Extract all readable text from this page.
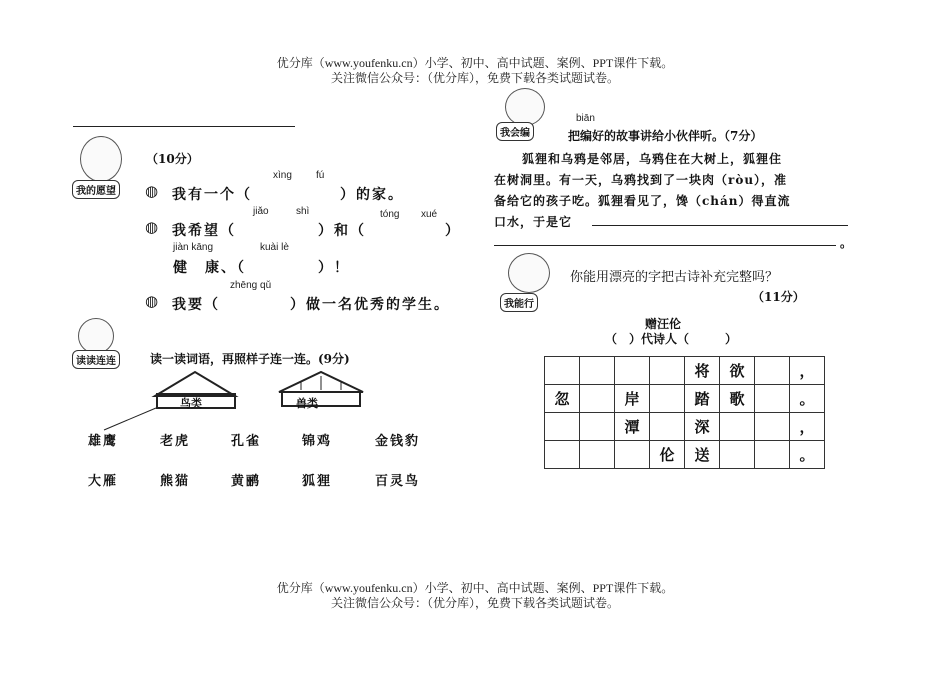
优分库（www.youfenku.cn）小学、初中、高中试题、案例、PPT课件下载。
关注微信公众号：（优分库），免费下载各类试题试卷。
我的愿望
（10分）
xìng fú
◍ 我有一个（	）的家。
jiǎo	shì	tóng xué
◍ 我希望（	）和（	）
jiàn kāng	kuài lè
健　康、（	）！
zhēng qǔ
◍ 我要（	）做一名优秀的学生。
读读连连	读一读词语，再照样子连一连。(9分)
鸟类	兽类
雄鹰	老虎	孔雀	锦鸡	金钱豹
大雁	熊猫	黄鹂	狐狸	百灵鸟
我会编
biān
把编好的故事讲给小伙伴听。（7分）
狐狸和乌鸦是邻居，乌鸦住在大树上，狐狸住
在树洞里。有一天，乌鸦找到了一块肉（ròu），准
备给它的孩子吃。狐狸看见了，馋（chán）得直流
口水，于是它
。
我能行
你能用漂亮的字把古诗补充完整吗？
（11分）
赠汪伦
（　）代诗人（　　　）
				将	欲		，
忽		岸		踏	歌		。
		潭		深			，
			伦	送			。
优分库（www.youfenku.cn）小学、初中、高中试题、案例、PPT课件下载。
关注微信公众号：（优分库），免费下载各类试题试卷。
